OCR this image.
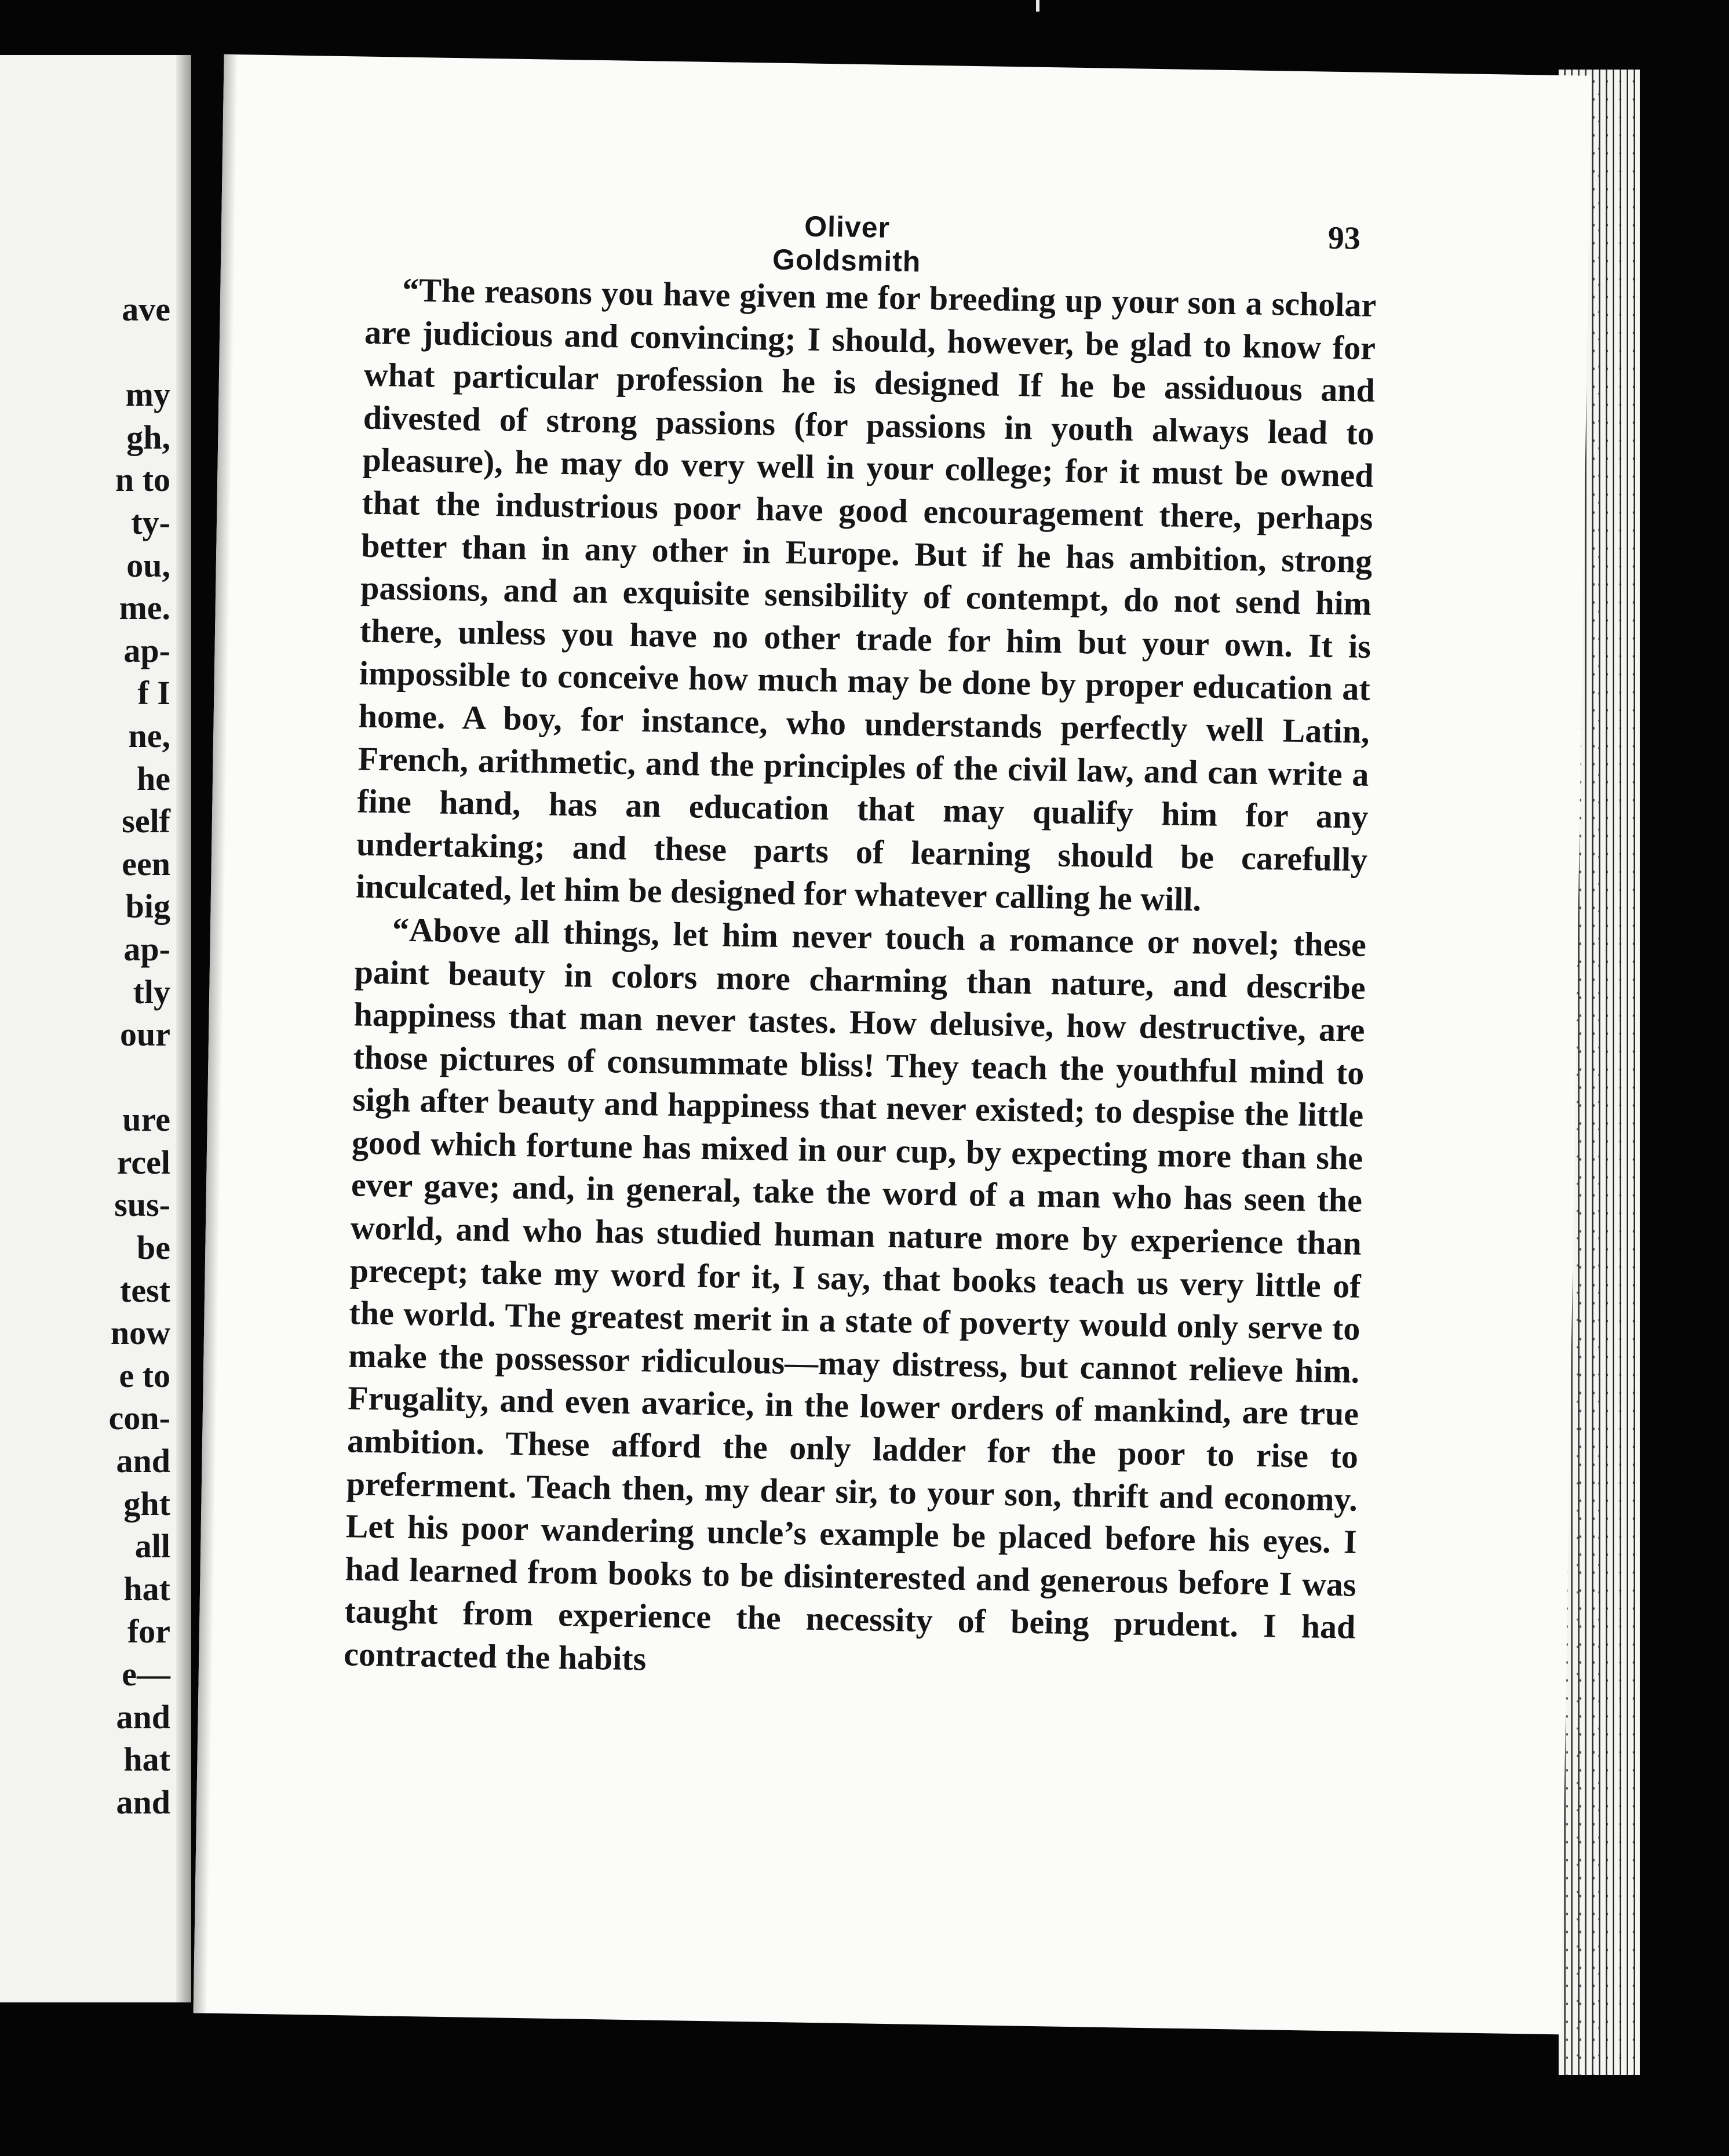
ave
my
gh,
n to
ty-
ou,
me.
ap-
f I
ne,
he
self
een
big
ap-
tly
our
ure
rcel
sus-
be
test
now
e to
con-
and
ght
all
hat
for
e—
and
hat
and
Oliver Goldsmith
93

“The reasons you have given me for breeding up your son a scholar are judicious and convincing; I should, however, be glad to know for what particular profession he is designed If he be assiduous and divested of strong passions (for passions in youth always lead to pleasure), he may do very well in your college; for it must be owned that the industrious poor have good encouragement there, perhaps better than in any other in Europe. But if he has ambition, strong passions, and an exquisite sensibility of contempt, do not send him there, unless you have no other trade for him but your own. It is impossible to conceive how much may be done by proper education at home. A boy, for instance, who understands perfectly well Latin, French, arithmetic, and the principles of the civil law, and can write a fine hand, has an education that may qualify him for any undertaking; and these parts of learning should be carefully inculcated, let him be designed for whatever calling he will.

“Above all things, let him never touch a romance or novel; these paint beauty in colors more charming than nature, and describe happiness that man never tastes. How delusive, how destructive, are those pictures of consummate bliss! They teach the youthful mind to sigh after beauty and happiness that never existed; to despise the little good which fortune has mixed in our cup, by expecting more than she ever gave; and, in general, take the word of a man who has seen the world, and who has studied human nature more by experience than precept; take my word for it, I say, that books teach us very little of the world. The greatest merit in a state of poverty would only serve to make the possessor ridiculous—may distress, but cannot relieve him. Frugality, and even avarice, in the lower orders of mankind, are true ambition. These afford the only ladder for the poor to rise to preferment. Teach then, my dear sir, to your son, thrift and economy. Let his poor wandering uncle’s example be placed before his eyes. I had learned from books to be disinterested and generous before I was taught from experience the necessity of being prudent. I had contracted the habits
